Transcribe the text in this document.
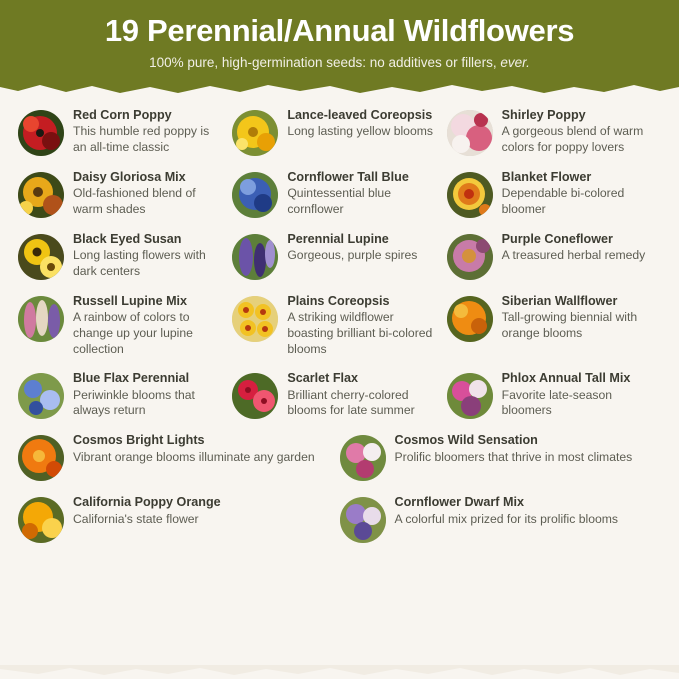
19 Perennial/Annual Wildflowers
100% pure, high-germination seeds: no additives or fillers, ever.
Red Corn Poppy
This humble red poppy is an all-time classic
Lance-leaved Coreopsis
Long lasting yellow blooms
Shirley Poppy
A gorgeous blend of warm colors for poppy lovers
Daisy Gloriosa Mix
Old-fashioned blend of warm shades
Cornflower Tall Blue
Quintessential blue cornflower
Blanket Flower
Dependable bi-colored bloomer
Black Eyed Susan
Long lasting flowers with dark centers
Perennial Lupine
Gorgeous, purple spires
Purple Coneflower
A treasured herbal remedy
Russell Lupine Mix
A rainbow of colors to change up your lupine collection
Plains Coreopsis
A striking wildflower boasting brilliant bi-colored blooms
Siberian Wallflower
Tall-growing biennial with orange blooms
Blue Flax Perennial
Periwinkle blooms that always return
Scarlet Flax
Brilliant cherry-colored blooms for late summer
Phlox Annual Tall Mix
Favorite late-season bloomers
Cosmos Bright Lights
Vibrant orange blooms illuminate any garden
Cosmos Wild Sensation
Prolific bloomers that thrive in most climates
California Poppy Orange
California's state flower
Cornflower Dwarf Mix
A colorful mix prized for its prolific blooms
